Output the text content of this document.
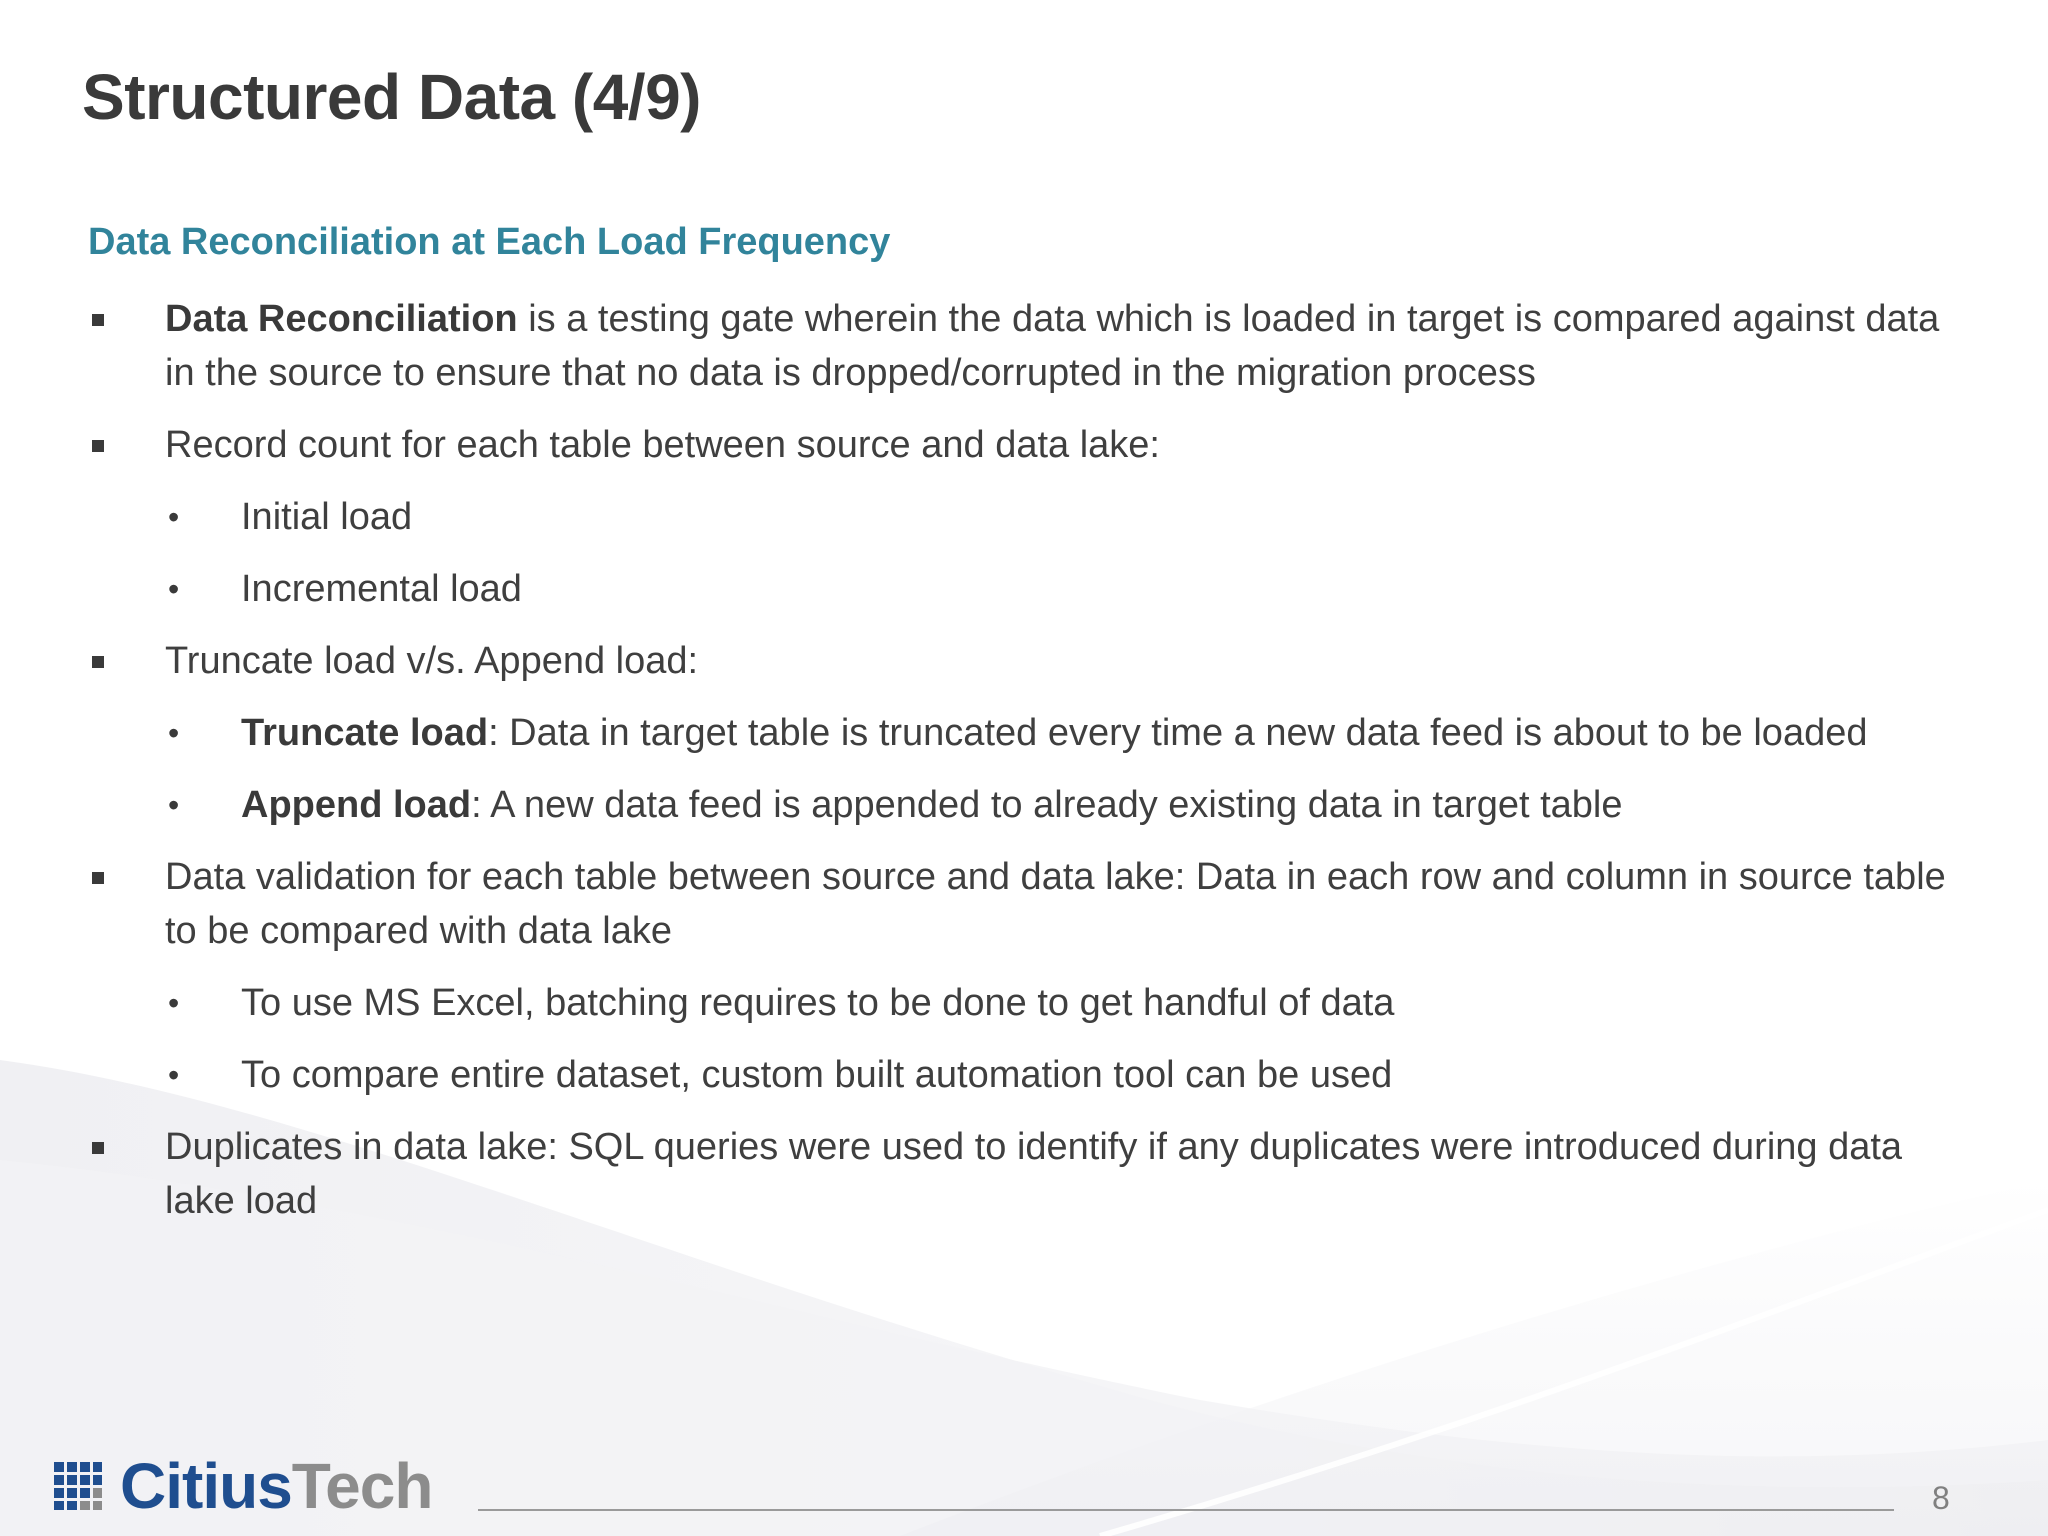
Structured Data (4/9)
Data Reconciliation at Each Load Frequency
Data Reconciliation is a testing gate wherein the data which is loaded in target is compared against data in the source to ensure that no data is dropped/corrupted in the migration process
Record count for each table between source and data lake:
• Initial load
• Incremental load
Truncate load v/s. Append load:
• Truncate load: Data in target table is truncated every time a new data feed is about to be loaded
• Append load: A new data feed is appended to already existing data in target table
Data validation for each table between source and data lake: Data in each row and column in source table to be compared with data lake
• To use MS Excel, batching requires to be done to get handful of data
• To compare entire dataset, custom built automation tool can be used
Duplicates in data lake: SQL queries were used to identify if any duplicates were introduced during data lake load
CitiusTech	8
